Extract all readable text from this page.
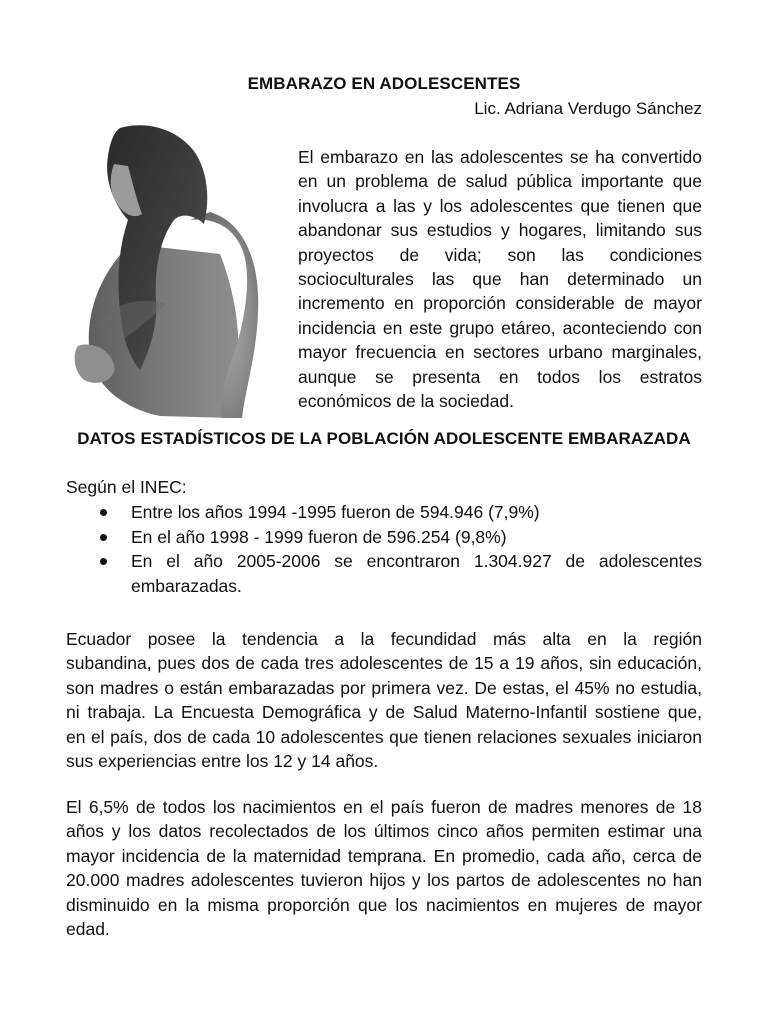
EMBARAZO EN ADOLESCENTES
Lic. Adriana Verdugo Sánchez
El embarazo en las adolescentes se ha convertido
en un problema de salud pública importante que
involucra a las y los adolescentes que tienen que
abandonar sus estudios y hogares, limitando sus
proyectos de vida; son las condiciones
socioculturales las que han determinado un
incremento en proporción considerable de mayor
incidencia en este grupo etáreo, aconteciendo con
mayor frecuencia en sectores urbano marginales,
aunque se presenta en todos los estratos
económicos de la sociedad.
DATOS ESTADÍSTICOS DE LA POBLACIÓN ADOLESCENTE EMBARAZADA
Según el INEC:
Entre los años 1994 -1995 fueron de 594.946 (7,9%)
En el año 1998 - 1999 fueron de 596.254 (9,8%)
En el año 2005-2006 se encontraron 1.304.927 de adolescentes
embarazadas.
Ecuador posee la tendencia a la fecundidad más alta en la región
subandina, pues dos de cada tres adolescentes de 15 a 19 años, sin educación,
son madres o están embarazadas por primera vez. De estas, el 45% no estudia,
ni trabaja. La Encuesta Demográfica y de Salud Materno-Infantil sostiene que,
en el país, dos de cada 10 adolescentes que tienen relaciones sexuales iniciaron
sus experiencias entre los 12 y 14 años.
El 6,5% de todos los nacimientos en el país fueron de madres menores de 18
años y los datos recolectados de los últimos cinco años permiten estimar una
mayor incidencia de la maternidad temprana. En promedio, cada año, cerca de
20.000 madres adolescentes tuvieron hijos y los partos de adolescentes no han
disminuido en la misma proporción que los nacimientos en mujeres de mayor
edad.
